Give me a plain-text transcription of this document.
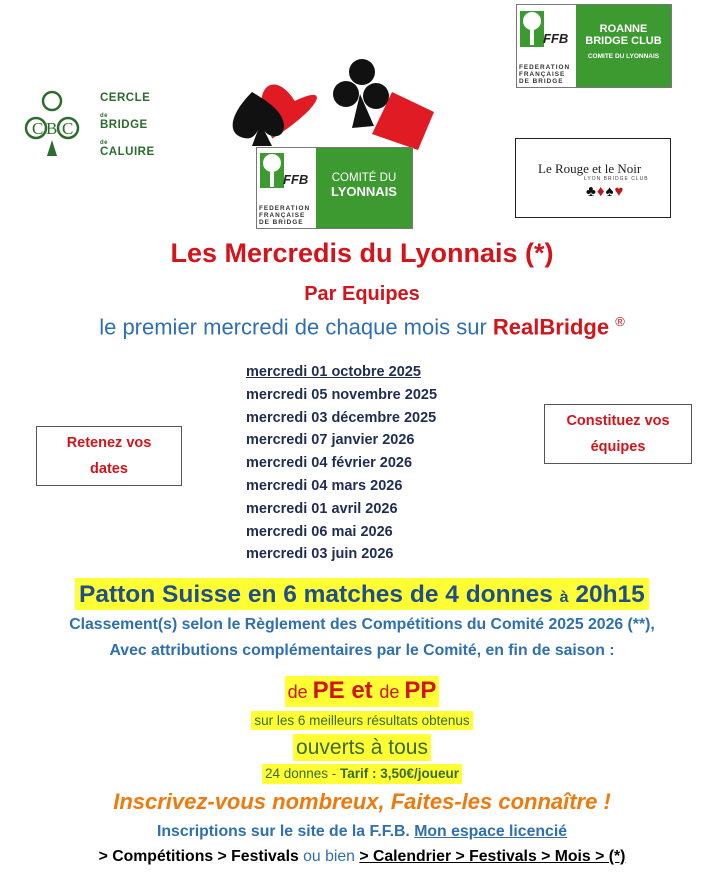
C B C
CERCLE
de
BRIDGE
de
CALUIRE
FFB
FEDERATION
FRANÇAISE
DE BRIDGE
ROANNE
BRIDGE CLUB
COMITE DU LYONNAIS
FFB
FEDERATION
FRANÇAISE
DE BRIDGE
COMITÉ DU
LYONNAIS
Le Rouge et le Noir
LYON BRIDGE CLUB
♣♦♠♥
Les Mercredis du Lyonnais (*)
Par Equipes
le premier mercredi de chaque mois sur RealBridge ®
mercredi 01 octobre 2025
mercredi 05 novembre 2025
mercredi 03 décembre 2025
mercredi 07 janvier 2026
mercredi 04 février 2026
mercredi 04 mars 2026
mercredi 01 avril 2026
mercredi 06 mai 2026
mercredi 03 juin 2026
Retenez vos
dates
Constituez vos
équipes
Patton Suisse en 6 matches de 4 donnes à 20h15
Classement(s) selon le Règlement des Compétitions du Comité 2025 2026 (**),
Avec attributions complémentaires par le Comité, en fin de saison :
de PE et de PP
sur les 6 meilleurs résultats obtenus
ouverts à tous
24 donnes - Tarif : 3,50€/joueur
Inscrivez-vous nombreux, Faites-les connaître !
Inscriptions sur le site de la F.F.B. Mon espace licencié
> Compétitions > Festivals ou bien > Calendrier > Festivals > Mois > (*)
